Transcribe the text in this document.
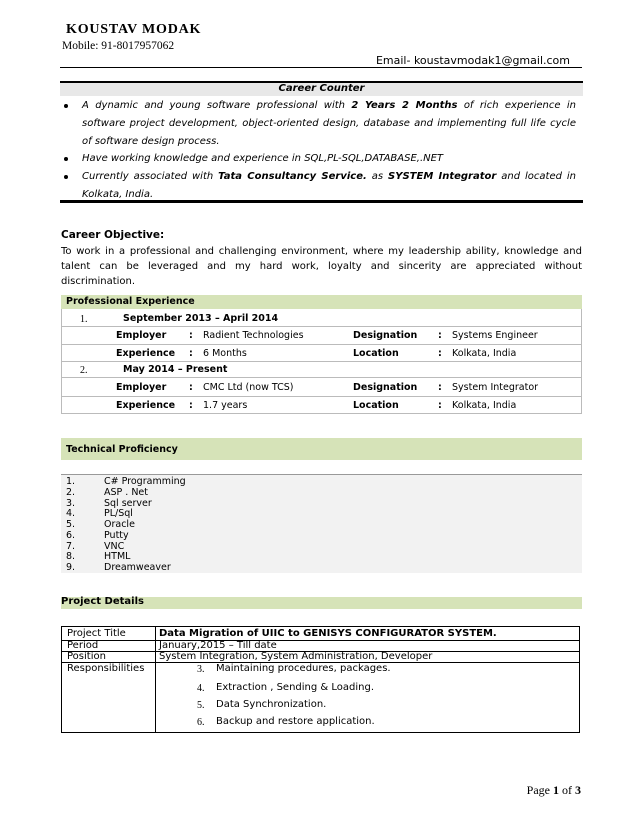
KOUSTAV MODAK
Mobile: 91-8017957062
Email- koustavmodak1@gmail.com
Career Counter
A dynamic and young software professional with 2 Years 2 Months of rich experience in software project development, object-oriented design, database and implementing full life cycle of software design process.
Have working knowledge and experience in SQL,PL-SQL,DATABASE,.NET
Currently associated with Tata Consultancy Service. as SYSTEM Integrator and located in Kolkata, India.
Career Objective:
To work in a professional and challenging environment, where my leadership ability, knowledge and talent can be leveraged and my hard work, loyalty and sincerity are appreciated without discrimination.
Professional Experience
1.	September 2013 – April 2014
Employer : Radient Technologies	Designation : Systems Engineer
Experience : 6 Months	Location	: Kolkata, India
2.	May 2014 – Present
Employer : CMC Ltd (now TCS)	Designation : System Integrator
Experience : 1.7 years	Location	: Kolkata, India
Technical Proficiency
1.	C# Programming
2.	ASP . Net
3.	Sql server
4.	PL/Sql
5.	Oracle
6.	Putty
7.	VNC
8.	HTML
9.	Dreamweaver
Project Details
Project Title	Data Migration of UIIC to GENISYS CONFIGURATOR SYSTEM.
Period	January,2015 – Till date
Position	System Integration, System Administration, Developer
Responsibilities	3. Maintaining procedures, packages.
4. Extraction , Sending & Loading.
5. Data Synchronization.
6. Backup and restore application.
Page 1 of 3
